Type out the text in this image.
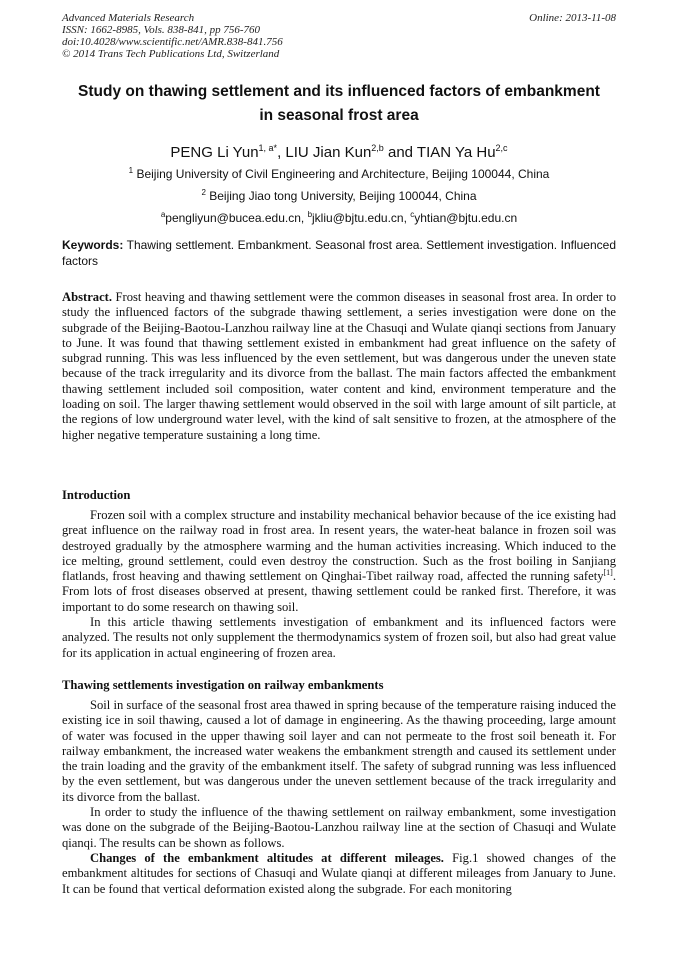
Advanced Materials Research
ISSN: 1662-8985, Vols. 838-841, pp 756-760
doi:10.4028/www.scientific.net/AMR.838-841.756
© 2014 Trans Tech Publications Ltd, Switzerland
Online: 2013-11-08
Study on thawing settlement and its influenced factors of embankment
in seasonal frost area
PENG Li Yun$^{1, a*}$, LIU Jian Kun$^{2,b}$ and TIAN Ya Hu$^{2,c}$
$^1$ Beijing University of Civil Engineering and Architecture, Beijing 100044, China
$^2$ Beijing Jiao tong University, Beijing 100044, China
$^a$pengliyun@bucea.edu.cn, $^b$jkliu@bjtu.edu.cn, $^c$yhtian@bjtu.edu.cn
Keywords: Thawing settlement. Embankment. Seasonal frost area. Settlement investigation. Influenced factors

Abstract. Frost heaving and thawing settlement were the common diseases in seasonal frost area. In order to study the influenced factors of the subgrade thawing settlement, a series investigation were done on the subgrade of the Beijing-Baotou-Lanzhou railway line at the Chasuqi and Wulate qianqi sections from January to June. It was found that thawing settlement existed in embankment had great influence on the safety of subgrad running. This was less influenced by the even settlement, but was dangerous under the uneven state because of the track irregularity and its divorce from the ballast. The main factors affected the embankment thawing settlement included soil composition, water content and kind, environment temperature and the loading on soil. The larger thawing settlement would observed in the soil with large amount of silt particle, at the regions of low underground water level, with the kind of salt sensitive to frozen, at the atmosphere of the higher negative temperature sustaining a long time.

Introduction

Frozen soil with a complex structure and instability mechanical behavior because of the ice existing had great influence on the railway road in frost area. In resent years, the water-heat balance in frozen soil was destroyed gradually by the atmosphere warming and the human activities increasing. Which induced to the ice melting, ground settlement, could even destroy the construction. Such as the frost boiling in Sanjiang flatlands, frost heaving and thawing settlement on Qinghai-Tibet railway road, affected the running safety[1]. From lots of frost diseases observed at present, thawing settlement could be ranked first. Therefore, it was important to do some research on thawing soil.

In this article thawing settlements investigation of embankment and its influenced factors were analyzed. The results not only supplement the thermodynamics system of frozen soil, but also had great value for its application in actual engineering of frozen area.

Thawing settlements investigation on railway embankments

Soil in surface of the seasonal frost area thawed in spring because of the temperature raising induced the existing ice in soil thawing, caused a lot of damage in engineering. As the thawing proceeding, large amount of water was focused in the upper thawing soil layer and can not permeate to the frost soil beneath it. For railway embankment, the increased water weakens the embankment strength and caused its settlement under the train loading and the gravity of the embankment itself. The safety of subgrad running was less influenced by the even settlement, but was dangerous under the uneven settlement because of the track irregularity and its divorce from the ballast.

In order to study the influence of the thawing settlement on railway embankment, some investigation was done on the subgrade of the Beijing-Baotou-Lanzhou railway line at the section of Chasuqi and Wulate qianqi. The results can be shown as follows.

Changes of the embankment altitudes at different mileages. Fig.1 showed changes of the embankment altitudes for sections of Chasuqi and Wulate qianqi at different mileages from January to June. It can be found that vertical deformation existed along the subgrade. For each monitoring
